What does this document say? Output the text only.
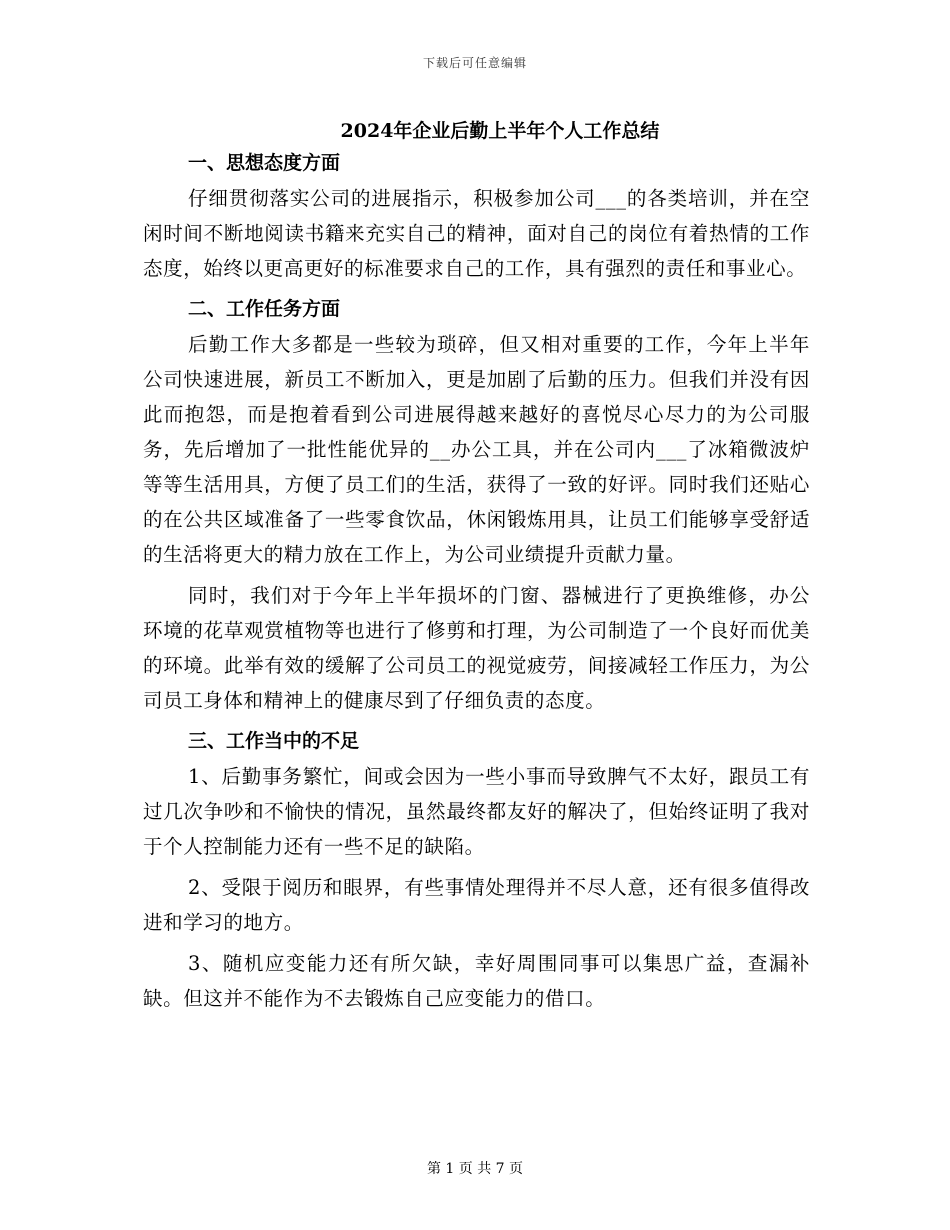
下载后可任意编辑
2024年企业后勤上半年个人工作总结

一、思想态度方面

仔细贯彻落实公司的进展指示，积极参加公司___的各类培训，并在空闲时间不断地阅读书籍来充实自己的精神，面对自己的岗位有着热情的工作态度，始终以更高更好的标准要求自己的工作，具有强烈的责任和事业心。

二、工作任务方面

后勤工作大多都是一些较为琐碎，但又相对重要的工作，今年上半年公司快速进展，新员工不断加入，更是加剧了后勤的压力。但我们并没有因此而抱怨，而是抱着看到公司进展得越来越好的喜悦尽心尽力的为公司服务，先后增加了一批性能优异的__办公工具，并在公司内___了冰箱微波炉等等生活用具，方便了员工们的生活，获得了一致的好评。同时我们还贴心的在公共区域准备了一些零食饮品，休闲锻炼用具，让员工们能够享受舒适的生活将更大的精力放在工作上，为公司业绩提升贡献力量。

同时，我们对于今年上半年损坏的门窗、器械进行了更换维修，办公环境的花草观赏植物等也进行了修剪和打理，为公司制造了一个良好而优美的环境。此举有效的缓解了公司员工的视觉疲劳，间接减轻工作压力，为公司员工身体和精神上的健康尽到了仔细负责的态度。

三、工作当中的不足

1、后勤事务繁忙，间或会因为一些小事而导致脾气不太好，跟员工有过几次争吵和不愉快的情况，虽然最终都友好的解决了，但始终证明了我对于个人控制能力还有一些不足的缺陷。

2、受限于阅历和眼界，有些事情处理得并不尽人意，还有很多值得改进和学习的地方。

3、随机应变能力还有所欠缺，幸好周围同事可以集思广益，查漏补缺。但这并不能作为不去锻炼自己应变能力的借口。

第 1 页 共 7 页
